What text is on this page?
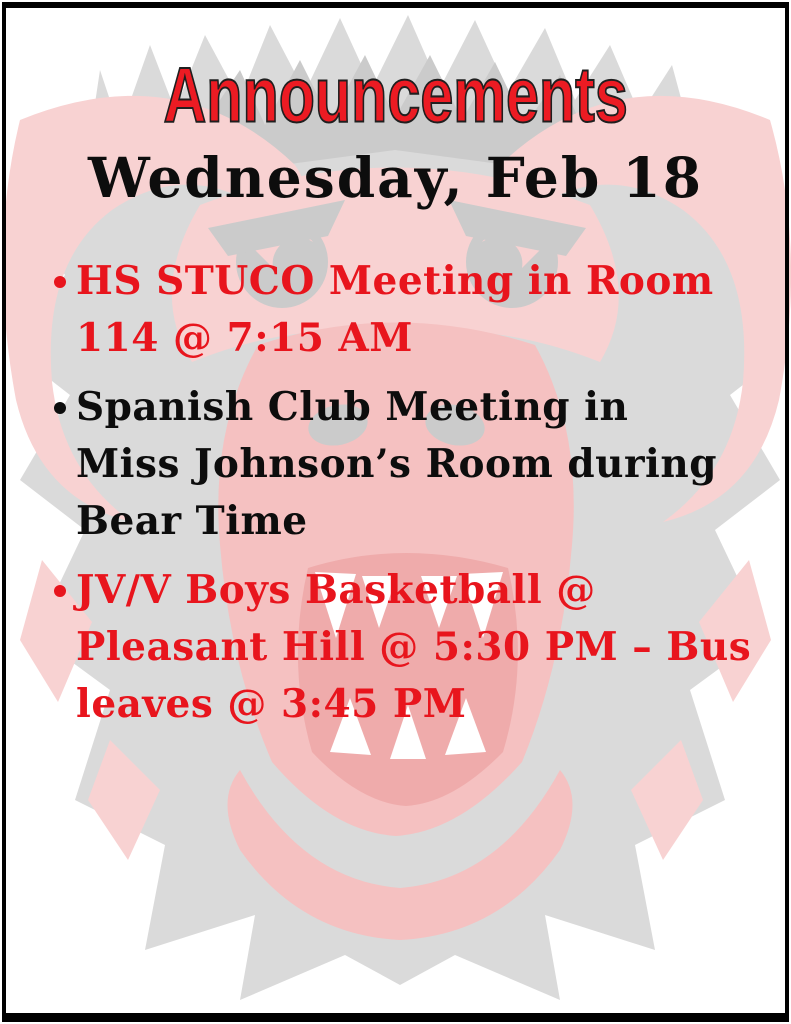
Announcements
Wednesday, Feb 18
HS STUCO Meeting in Room
114 @ 7:15 AM
Spanish Club Meeting in
Miss Johnson’s Room during
Bear Time
JV/V Boys Basketball @
Pleasant Hill @ 5:30 PM – Bus
leaves @ 3:45 PM
